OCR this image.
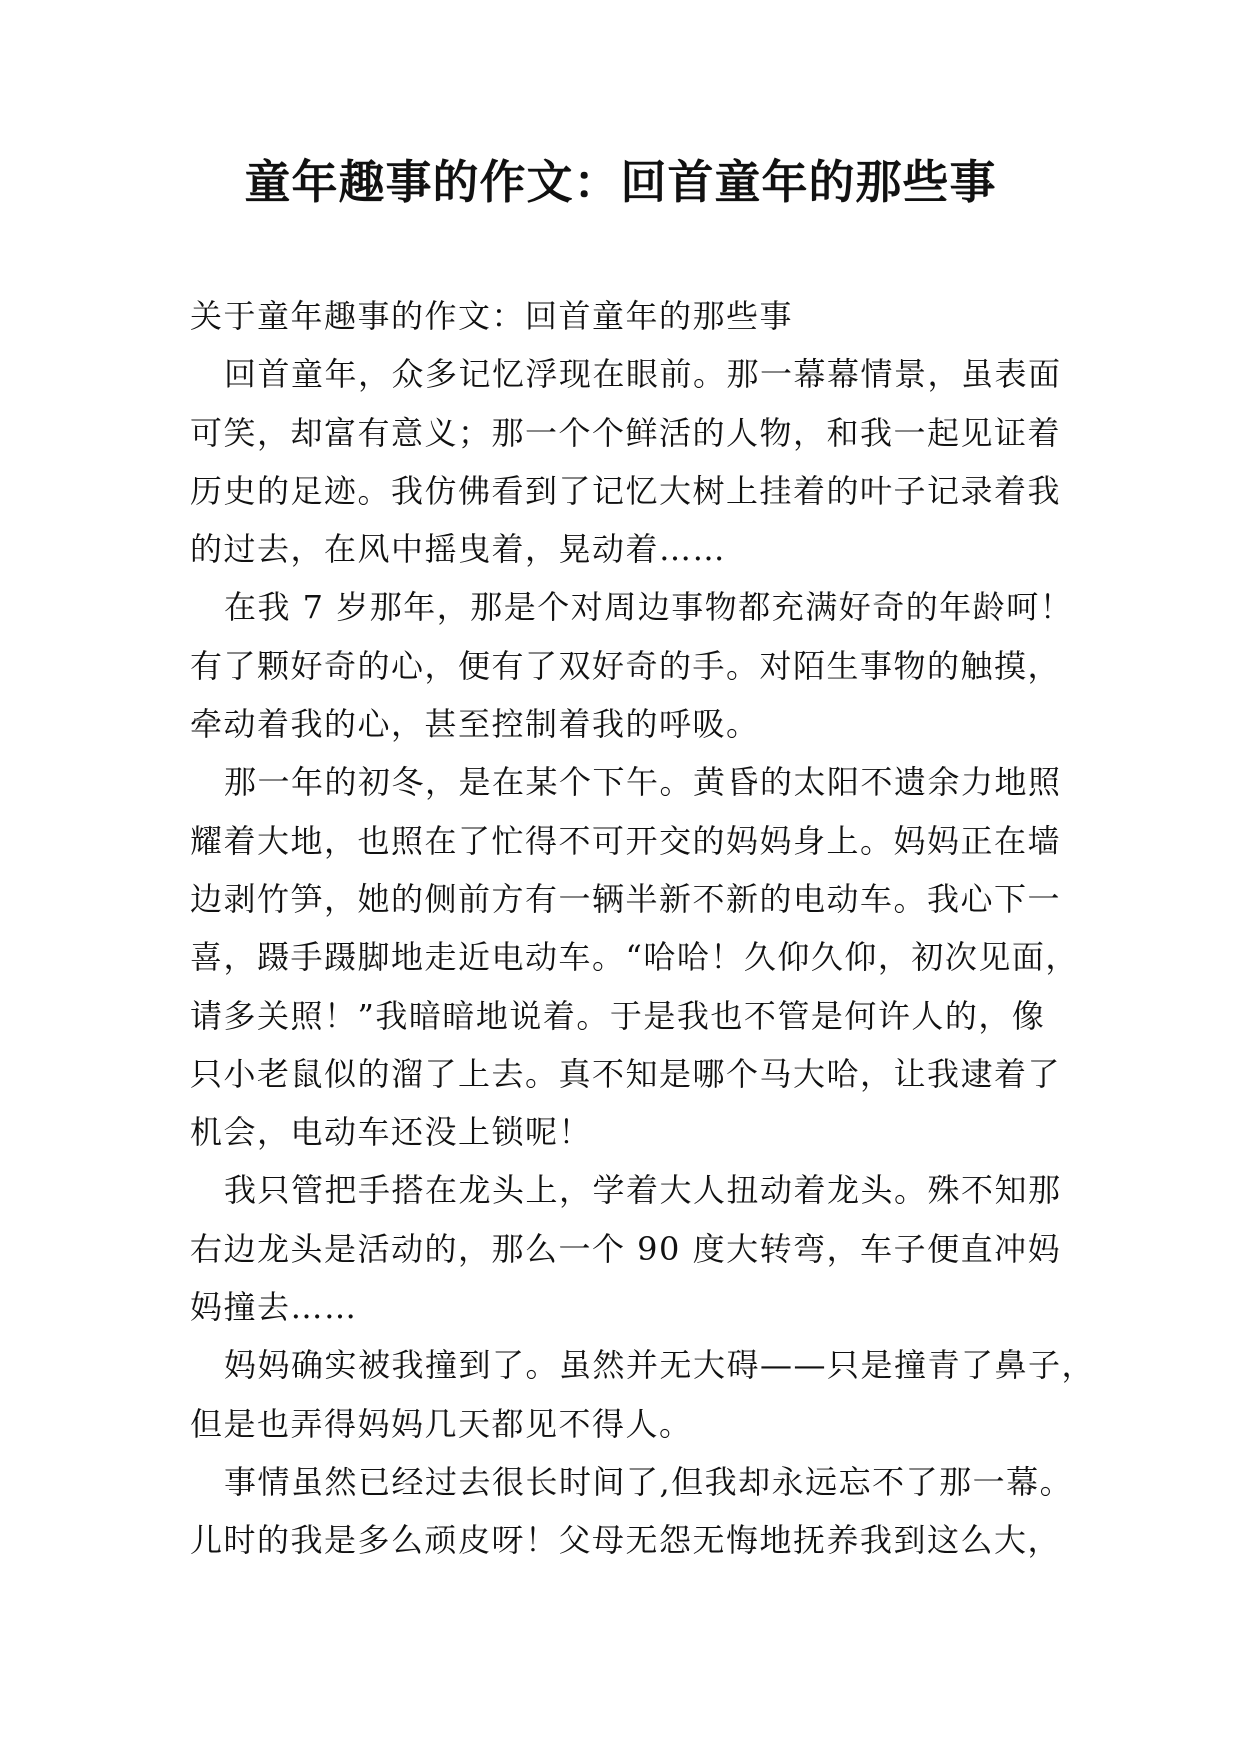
童年趣事的作文：回首童年的那些事
关于童年趣事的作文：回首童年的那些事
回首童年，众多记忆浮现在眼前。那一幕幕情景，虽表面
可笑，却富有意义；那一个个鲜活的人物，和我一起见证着
历史的足迹。我仿佛看到了记忆大树上挂着的叶子记录着我
的过去，在风中摇曳着，晃动着……
在我 7 岁那年，那是个对周边事物都充满好奇的年龄呵！
有了颗好奇的心，便有了双好奇的手。对陌生事物的触摸，
牵动着我的心，甚至控制着我的呼吸。
那一年的初冬，是在某个下午。黄昏的太阳不遗余力地照
耀着大地，也照在了忙得不可开交的妈妈身上。妈妈正在墙
边剥竹笋，她的侧前方有一辆半新不新的电动车。我心下一
喜，蹑手蹑脚地走近电动车。“哈哈！久仰久仰，初次见面，
请多关照！”我暗暗地说着。于是我也不管是何许人的，像
只小老鼠似的溜了上去。真不知是哪个马大哈，让我逮着了
机会，电动车还没上锁呢！
我只管把手搭在龙头上，学着大人扭动着龙头。殊不知那
右边龙头是活动的，那么一个 90 度大转弯，车子便直冲妈
妈撞去……
妈妈确实被我撞到了。虽然并无大碍——只是撞青了鼻子，
但是也弄得妈妈几天都见不得人。
事情虽然已经过去很长时间了,但我却永远忘不了那一幕。
儿时的我是多么顽皮呀！父母无怨无悔地抚养我到这么大，
